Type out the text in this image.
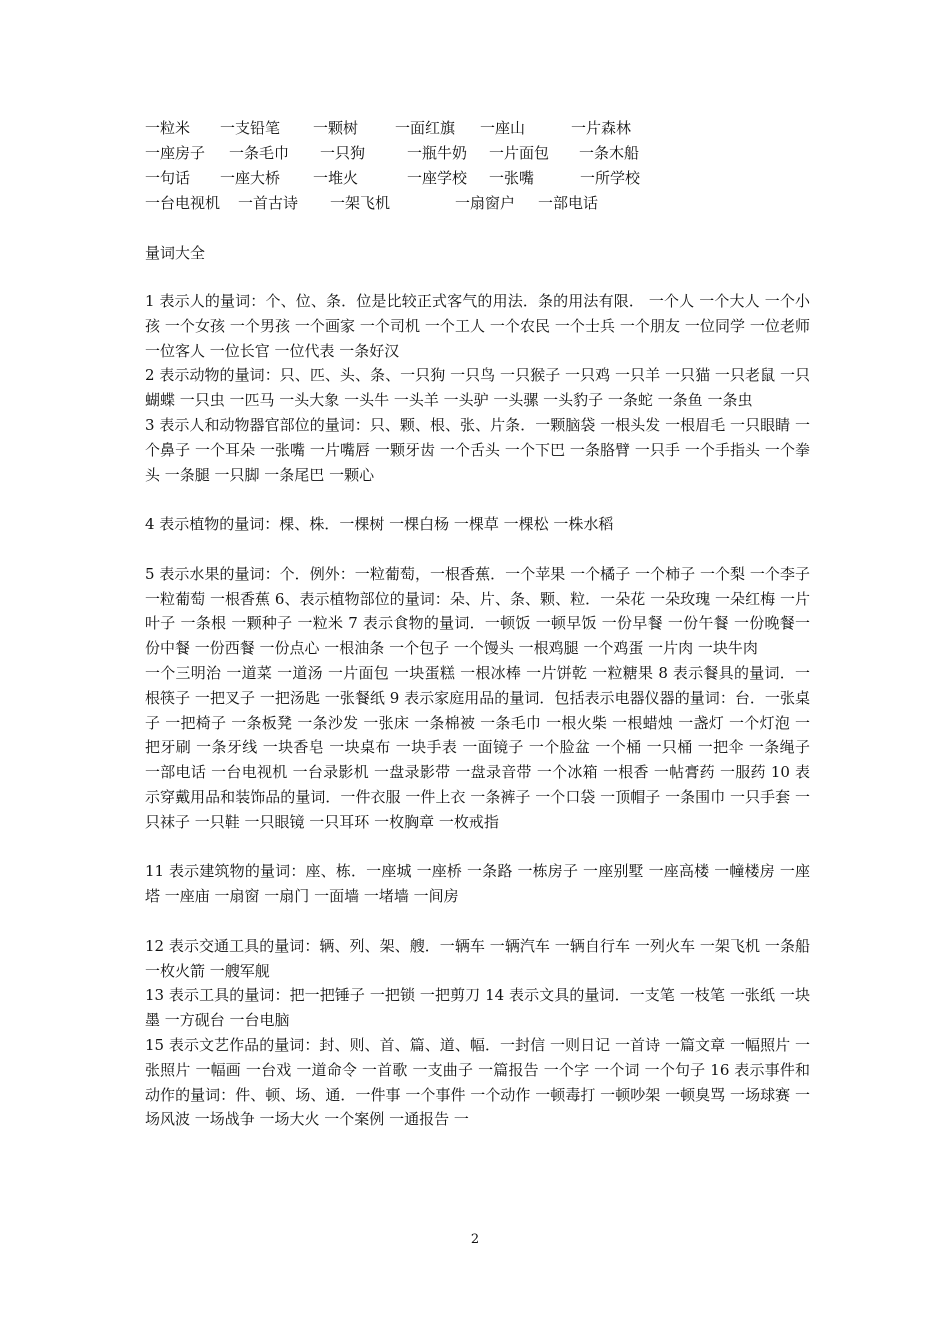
一粒米 一支铅笔 一颗树 一面红旗 一座山	一片森林
一座房子 一条毛巾 一只狗	一瓶牛奶 一片面包 一条木船
一句话 一座大桥 一堆火	一座学校 一张嘴	一所学校
一台电视机 一首古诗 一架飞机	一扇窗户 一部电话
量词大全

1 表示人的量词：个、位、条．位是比较正式客气的用法．条的用法有限． 一个人 一个大人 一个小孩 一个女孩 一个男孩 一个画家 一个司机 一个工人 一个农民 一个士兵 一个朋友 一位同学 一位老师 一位客人 一位长官 一位代表 一条好汉

2 表示动物的量词：只、匹、头、条、一只狗 一只鸟 一只猴子 一只鸡 一只羊 一只猫 一只老鼠 一只蝴蝶 一只虫 一匹马 一头大象 一头牛 一头羊 一头驴 一头骡 一头豹子 一条蛇 一条鱼 一条虫

3 表示人和动物器官部位的量词：只、颗、根、张、片条．一颗脑袋 一根头发 一根眉毛 一只眼睛 一个鼻子 一个耳朵 一张嘴 一片嘴唇 一颗牙齿 一个舌头 一个下巴 一条胳臂 一只手 一个手指头 一个拳头 一条腿 一只脚 一条尾巴 一颗心

4 表示植物的量词：棵、株．一棵树 一棵白杨 一棵草 一棵松 一株水稻

5 表示水果的量词：个．例外：一粒葡萄，一根香蕉．一个苹果 一个橘子 一个柿子 一个梨 一个李子 一粒葡萄 一根香蕉 6、表示植物部位的量词：朵、片、条、颗、粒．一朵花 一朵玫瑰 一朵红梅 一片叶子 一条根 一颗种子 一粒米 7 表示食物的量词．一顿饭 一顿早饭 一份早餐 一份午餐 一份晚餐一份中餐 一份西餐 一份点心 一根油条 一个包子 一个馒头 一根鸡腿 一个鸡蛋 一片肉 一块牛肉

一个三明治 一道菜 一道汤 一片面包 一块蛋糕 一根冰棒 一片饼乾 一粒糖果 8 表示餐具的量词．一根筷子 一把叉子 一把汤匙 一张餐纸 9 表示家庭用品的量词．包括表示电器仪器的量词：台．一张桌子 一把椅子 一条板凳 一条沙发 一张床 一条棉被 一条毛巾 一根火柴 一根蜡烛 一盏灯 一个灯泡 一把牙刷 一条牙线 一块香皂 一块桌布 一块手表 一面镜子 一个脸盆 一个桶 一只桶 一把伞 一条绳子 一部电话 一台电视机 一台录影机 一盘录影带 一盘录音带 一个冰箱 一根香 一帖膏药 一服药 10 表示穿戴用品和装饰品的量词．一件衣服 一件上衣 一条裤子 一个口袋 一顶帽子 一条围巾 一只手套 一只袜子 一只鞋 一只眼镜 一只耳环 一枚胸章 一枚戒指

11 表示建筑物的量词：座、栋．一座城 一座桥 一条路 一栋房子 一座别墅 一座高楼 一幢楼房 一座塔 一座庙 一扇窗 一扇门 一面墙 一堵墙 一间房

12 表示交通工具的量词：辆、列、架、艘．一辆车 一辆汽车 一辆自行车 一列火车 一架飞机 一条船 一枚火箭 一艘军舰

13 表示工具的量词：把一把锤子 一把锁 一把剪刀 14 表示文具的量词．一支笔 一枝笔 一张纸 一块墨 一方砚台 一台电脑

15 表示文艺作品的量词：封、则、首、篇、道、幅．一封信 一则日记 一首诗 一篇文章 一幅照片 一张照片 一幅画 一台戏 一道命令 一首歌 一支曲子 一篇报告 一个字 一个词 一个句子 16 表示事件和动作的量词：件、顿、场、通．一件事 一个事件 一个动作 一顿毒打 一顿吵架 一顿臭骂 一场球赛 一场风波 一场战争 一场大火 一个案例 一通报告 一

2
